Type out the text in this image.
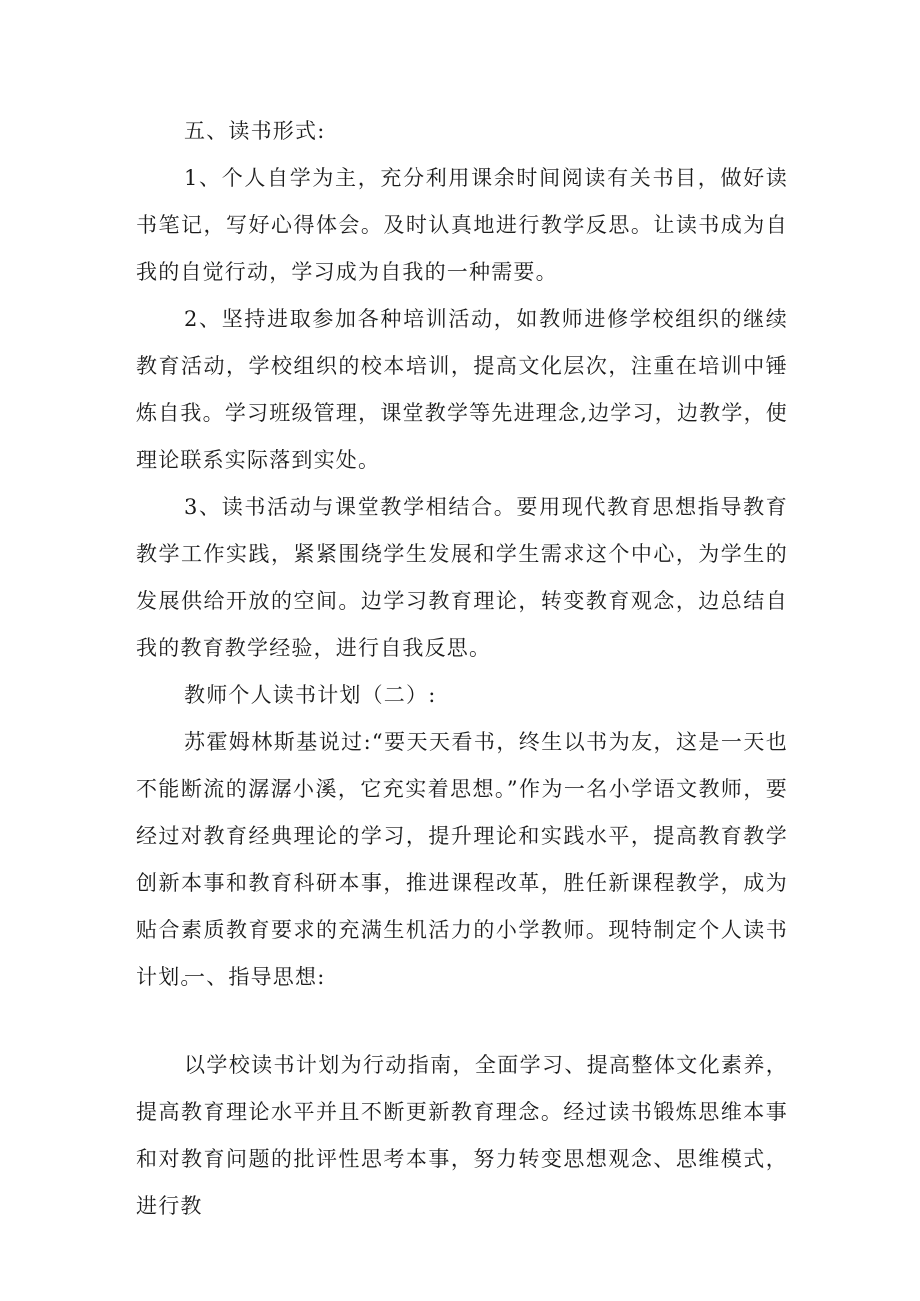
五、读书形式:

1、个人自学为主，充分利用课余时间阅读有关书目，做好读书笔记，写好心得体会。及时认真地进行教学反思。让读书成为自我的自觉行动，学习成为自我的一种需要。

2、坚持进取参加各种培训活动，如教师进修学校组织的继续教育活动，学校组织的校本培训，提高文化层次，注重在培训中锤炼自我。学习班级管理，课堂教学等先进理念,边学习，边教学，使理论联系实际落到实处。

3、读书活动与课堂教学相结合。要用现代教育思想指导教育教学工作实践，紧紧围绕学生发展和学生需求这个中心，为学生的发展供给开放的空间。边学习教育理论，转变教育观念，边总结自我的教育教学经验，进行自我反思。

教师个人读书计划（二）:

苏霍姆林斯基说过:“要天天看书，终生以书为友，这是一天也不能断流的潺潺小溪，它充实着思想。”作为一名小学语文教师，要经过对教育经典理论的学习，提升理论和实践水平，提高教育教学创新本事和教育科研本事，推进课程改革，胜任新课程教学，成为贴合素质教育要求的充满生机活力的小学教师。现特制定个人读书计划。

一、指导思想:

以学校读书计划为行动指南，全面学习、提高整体文化素养，提高教育理论水平并且不断更新教育理念。经过读书锻炼思维本事和对教育问题的批评性思考本事，努力转变思想观念、思维模式，进行教
